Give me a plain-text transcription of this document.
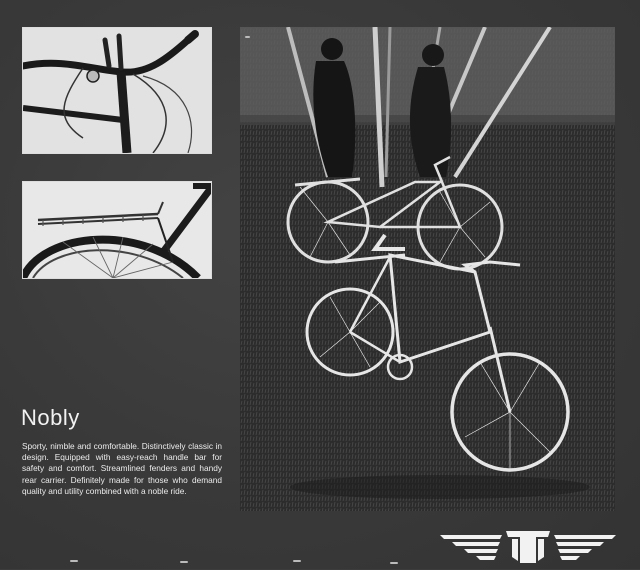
Nobly

Sporty, nimble and comfortable. Distinctively classic in design. Equipped with easy-reach handle bar for safety and comfort. Streamlined fenders and handy rear carrier. Definitely made for those who demand quality and utility combined with a noble ride.
